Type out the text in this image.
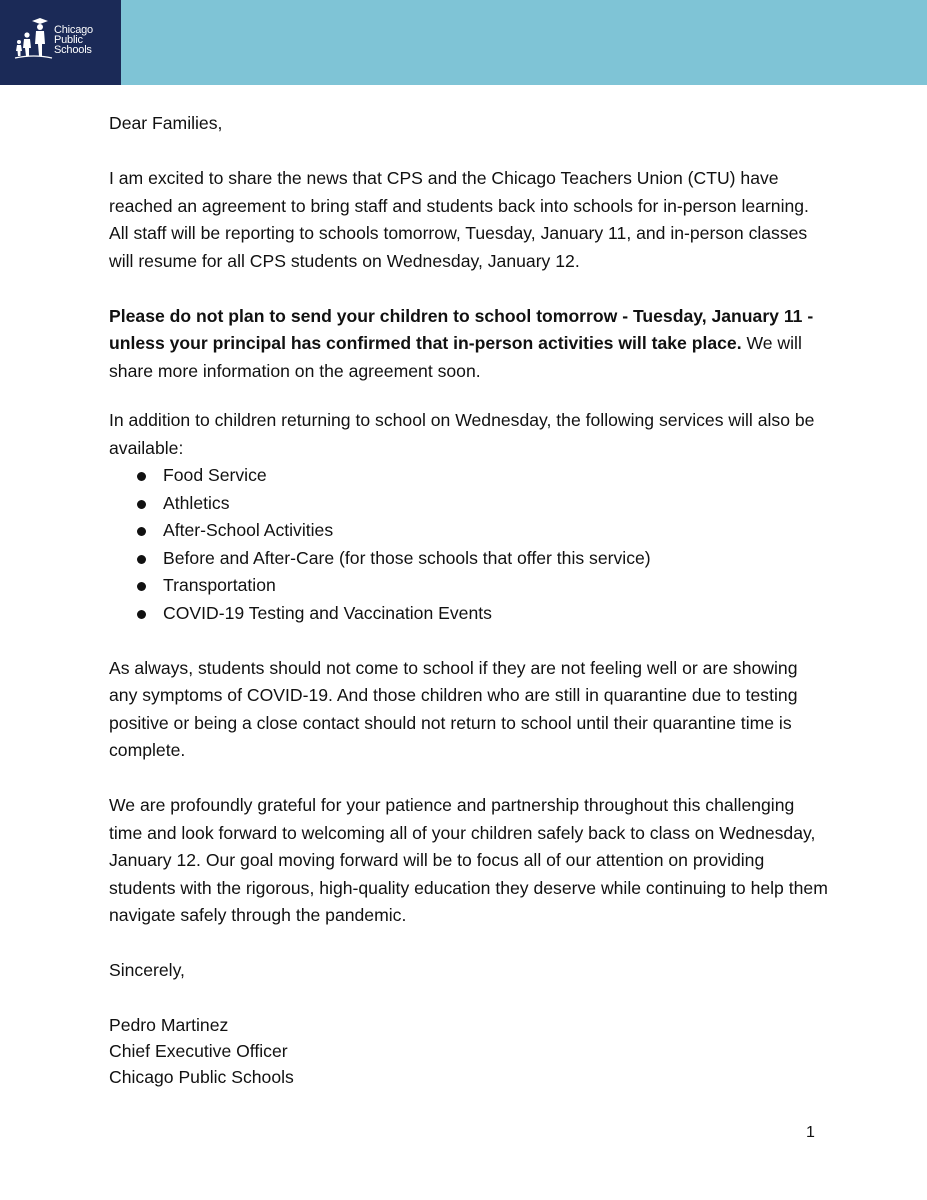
Chicago
Public
Schools

Dear Families,

I am excited to share the news that CPS and the Chicago Teachers Union (CTU) have reached an agreement to bring staff and students back into schools for in-person learning. All staff will be reporting to schools tomorrow, Tuesday, January 11, and in-person classes will resume for all CPS students on Wednesday, January 12.

Please do not plan to send your children to school tomorrow - Tuesday, January 11 - unless your principal has confirmed that in-person activities will take place. We will share more information on the agreement soon.

In addition to children returning to school on Wednesday, the following services will also be available:

Food Service
Athletics
After-School Activities
Before and After-Care (for those schools that offer this service)
Transportation
COVID-19 Testing and Vaccination Events

As always, students should not come to school if they are not feeling well or are showing any symptoms of COVID-19. And those children who are still in quarantine due to testing positive or being a close contact should not return to school until their quarantine time is complete.

We are profoundly grateful for your patience and partnership throughout this challenging time and look forward to welcoming all of your children safely back to class on Wednesday, January 12. Our goal moving forward will be to focus all of our attention on providing students with the rigorous, high-quality education they deserve while continuing to help them navigate safely through the pandemic.

Sincerely,

Pedro Martinez

Chief Executive Officer

Chicago Public Schools

1
